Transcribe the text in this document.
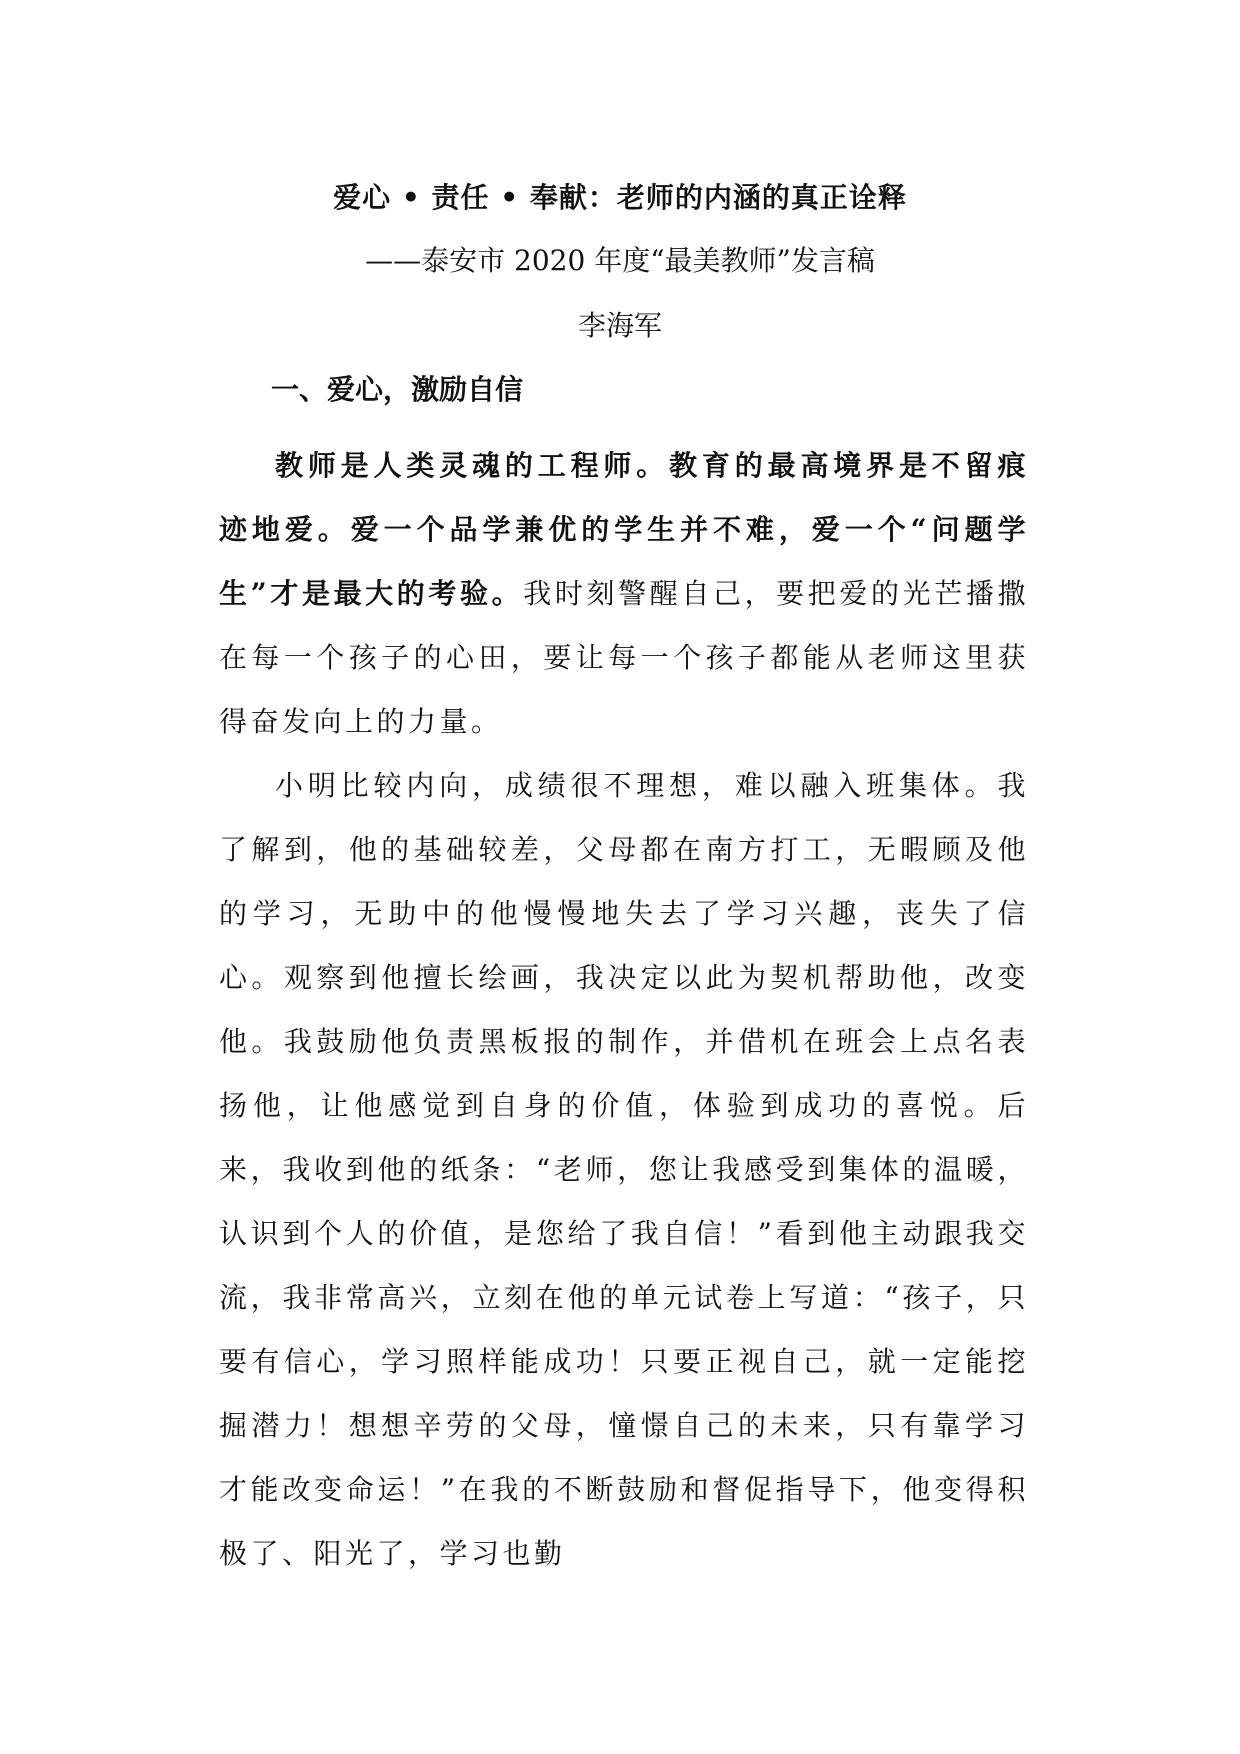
爱心 • 责任 • 奉献：老师的内涵的真正诠释
——泰安市 2020 年度“最美教师”发言稿
李海军
一、爱心，激励自信
教师是人类灵魂的工程师。教育的最高境界是不留痕迹地爱。爱一个品学兼优的学生并不难，爱一个“问题学生”才是最大的考验。我时刻警醒自己，要把爱的光芒播撒在每一个孩子的心田，要让每一个孩子都能从老师这里获得奋发向上的力量。
小明比较内向，成绩很不理想，难以融入班集体。我了解到，他的基础较差，父母都在南方打工，无暇顾及他的学习，无助中的他慢慢地失去了学习兴趣，丧失了信心。观察到他擅长绘画，我决定以此为契机帮助他，改变他。我鼓励他负责黑板报的制作，并借机在班会上点名表扬他，让他感觉到自身的价值，体验到成功的喜悦。后来，我收到他的纸条：“老师，您让我感受到集体的温暖，认识到个人的价值，是您给了我自信！”看到他主动跟我交流，我非常高兴，立刻在他的单元试卷上写道：“孩子，只要有信心，学习照样能成功！只要正视自己，就一定能挖掘潜力！想想辛劳的父母，憧憬自己的未来，只有靠学习才能改变命运！”在我的不断鼓励和督促指导下，他变得积极了、阳光了，学习也勤
